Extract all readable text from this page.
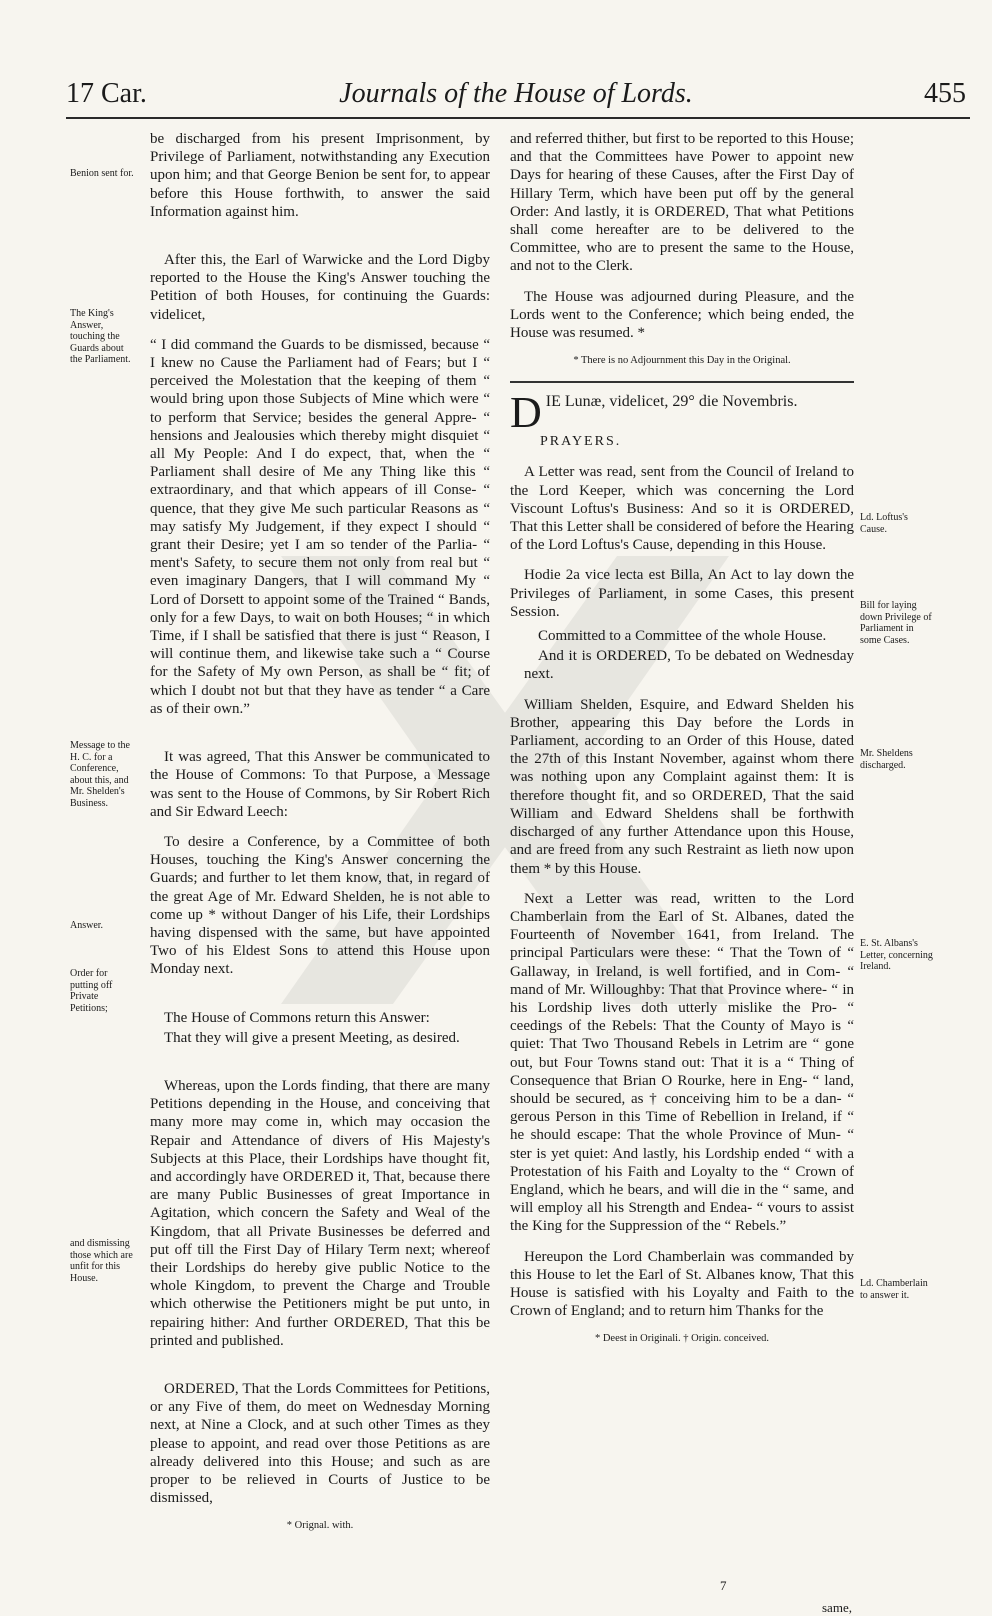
17 Car.	Journals of the House of Lords.	455
Benion sent for.
The King's Answer, touching the Guards about the Parliament.
Message to the H. C. for a Conference, about this, and Mr. Shelden's Business.
Answer.
Order for putting off Private Petitions;
and dismissing those which are unfit for this House.
Ld. Loftus's Cause.
Bill for laying down Privilege of Parliament in some Cases.
Mr. Sheldens discharged.
E. St. Albans's Letter, concerning Ireland.
Ld. Chamberlain to answer it.

be discharged from his present Imprisonment, by Privilege of Parliament, notwithstanding any Execution upon him; and that George Benion be sent for, to appear before this House forthwith, to answer the said Information against him.

After this, the Earl of Warwicke and the Lord Digby reported to the House the King's Answer touching the Petition of both Houses, for continuing the Guards: videlicet,

“ I did command the Guards to be dismissed, because “ I knew no Cause the Parliament had of Fears; but I “ perceived the Molestation that the keeping of them “ would bring upon those Subjects of Mine which were “ to perform that Service; besides the general Appre- “ hensions and Jealousies which thereby might disquiet “ all My People: And I do expect, that, when the “ Parliament shall desire of Me any Thing like this “ extraordinary, and that which appears of ill Conse- “ quence, that they give Me such particular Reasons as “ may satisfy My Judgement, if they expect I should “ grant their Desire; yet I am so tender of the Parlia- “ ment's Safety, to secure them not only from real but “ even imaginary Dangers, that I will command My “ Lord of Dorsett to appoint some of the Trained “ Bands, only for a few Days, to wait on both Houses; “ in which Time, if I shall be satisfied that there is just “ Reason, I will continue them, and likewise take such a “ Course for the Safety of My own Person, as shall be “ fit; of which I doubt not but that they have as tender “ a Care as of their own.”

It was agreed, That this Answer be communicated to the House of Commons: To that Purpose, a Message was sent to the House of Commons, by Sir Robert Rich and Sir Edward Leech:

To desire a Conference, by a Committee of both Houses, touching the King's Answer concerning the Guards; and further to let them know, that, in regard of the great Age of Mr. Edward Shelden, he is not able to come up * without Danger of his Life, their Lordships having dispensed with the same, but have appointed Two of his Eldest Sons to attend this House upon Monday next.

The House of Commons return this Answer:

That they will give a present Meeting, as desired.

Whereas, upon the Lords finding, that there are many Petitions depending in the House, and conceiving that many more may come in, which may occasion the Repair and Attendance of divers of His Majesty's Subjects at this Place, their Lordships have thought fit, and accordingly have ORDERED it, That, because there are many Public Businesses of great Importance in Agitation, which concern the Safety and Weal of the Kingdom, that all Private Businesses be deferred and put off till the First Day of Hilary Term next; whereof their Lordships do hereby give public Notice to the whole Kingdom, to prevent the Charge and Trouble which otherwise the Petitioners might be put unto, in repairing hither: And further ORDERED, That this be printed and published.

ORDERED, That the Lords Committees for Petitions, or any Five of them, do meet on Wednesday Morning next, at Nine a Clock, and at such other Times as they please to appoint, and read over those Petitions as are already delivered into this House; and such as are proper to be relieved in Courts of Justice to be dismissed,

* Orignal. with.

and referred thither, but first to be reported to this House; and that the Committees have Power to appoint new Days for hearing of these Causes, after the First Day of Hillary Term, which have been put off by the general Order: And lastly, it is ORDERED, That what Petitions shall come hereafter are to be delivered to the Committee, who are to present the same to the House, and not to the Clerk.

The House was adjourned during Pleasure, and the Lords went to the Conference; which being ended, the House was resumed. *

* There is no Adjournment this Day in the Original.
D IE Lunæ, videlicet, 29° die Novembris.
PRAYERS.

A Letter was read, sent from the Council of Ireland to the Lord Keeper, which was concerning the Lord Viscount Loftus's Business: And so it is ORDERED, That this Letter shall be considered of before the Hearing of the Lord Loftus's Cause, depending in this House.

Hodie 2a vice lecta est Billa, An Act to lay down the Privileges of Parliament, in some Cases, this present Session.

Committed to a Committee of the whole House.

And it is ORDERED, To be debated on Wednesday next.

William Shelden, Esquire, and Edward Shelden his Brother, appearing this Day before the Lords in Parliament, according to an Order of this House, dated the 27th of this Instant November, against whom there was nothing upon any Complaint against them: It is therefore thought fit, and so ORDERED, That the said William and Edward Sheldens shall be forthwith discharged of any further Attendance upon this House, and are freed from any such Restraint as lieth now upon them * by this House.

Next a Letter was read, written to the Lord Chamberlain from the Earl of St. Albanes, dated the Fourteenth of November 1641, from Ireland. The principal Particulars were these: “ That the Town of “ Gallaway, in Ireland, is well fortified, and in Com- “ mand of Mr. Willoughby: That that Province where- “ in his Lordship lives doth utterly mislike the Pro- “ ceedings of the Rebels: That the County of Mayo is “ quiet: That Two Thousand Rebels in Letrim are “ gone out, but Four Towns stand out: That it is a “ Thing of Consequence that Brian O Rourke, here in Eng- “ land, should be secured, as † conceiving him to be a dan- “ gerous Person in this Time of Rebellion in Ireland, if “ he should escape: That the whole Province of Mun- “ ster is yet quiet: And lastly, his Lordship ended “ with a Protestation of his Faith and Loyalty to the “ Crown of England, which he bears, and will die in the “ same, and will employ all his Strength and Endea- “ vours to assist the King for the Suppression of the “ Rebels.”

Hereupon the Lord Chamberlain was commanded by this House to let the Earl of St. Albanes know, That this House is satisfied with his Loyalty and Faith to the Crown of England; and to return him Thanks for the

* Deest in Originali. † Origin. conceived.
7
same,
